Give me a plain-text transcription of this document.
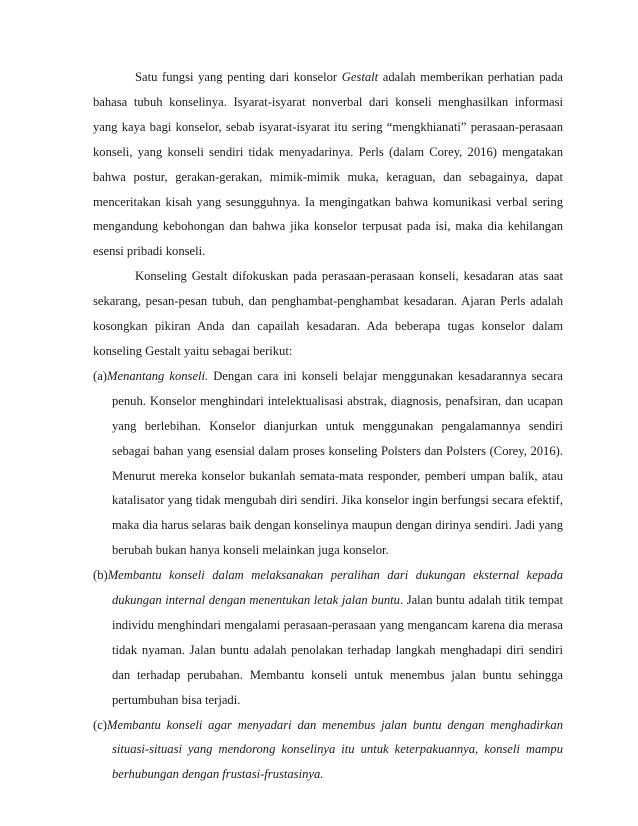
Satu fungsi yang penting dari konselor Gestalt adalah memberikan perhatian pada bahasa tubuh konselinya. Isyarat-isyarat nonverbal dari konseli menghasilkan informasi yang kaya bagi konselor, sebab isyarat-isyarat itu sering “mengkhianati” perasaan-perasaan konseli, yang konseli sendiri tidak menyadarinya. Perls (dalam Corey, 2016) mengatakan bahwa postur, gerakan-gerakan, mimik-mimik muka, keraguan, dan sebagainya, dapat menceritakan kisah yang sesungguhnya. Ia mengingatkan bahwa komunikasi verbal sering mengandung kebohongan dan bahwa jika konselor terpusat pada isi, maka dia kehilangan esensi pribadi konseli.

Konseling Gestalt difokuskan pada perasaan-perasaan konseli, kesadaran atas saat sekarang, pesan-pesan tubuh, dan penghambat-penghambat kesadaran. Ajaran Perls adalah kosongkan pikiran Anda dan capailah kesadaran. Ada beberapa tugas konselor dalam konseling Gestalt yaitu sebagai berikut:

(a)Menantang konseli. Dengan cara ini konseli belajar menggunakan kesadarannya secara penuh. Konselor menghindari intelektualisasi abstrak, diagnosis, penafsiran, dan ucapan yang berlebihan. Konselor dianjurkan untuk menggunakan pengalamannya sendiri sebagai bahan yang esensial dalam proses konseling Polsters dan Polsters (Corey, 2016). Menurut mereka konselor bukanlah semata-mata responder, pemberi umpan balik, atau katalisator yang tidak mengubah diri sendiri. Jika konselor ingin berfungsi secara efektif, maka dia harus selaras baik dengan konselinya maupun dengan dirinya sendiri. Jadi yang berubah bukan hanya konseli melainkan juga konselor.
(b)Membantu konseli dalam melaksanakan peralihan dari dukungan eksternal kepada dukungan internal dengan menentukan letak jalan buntu. Jalan buntu adalah titik tempat individu menghindari mengalami perasaan-perasaan yang mengancam karena dia merasa tidak nyaman. Jalan buntu adalah penolakan terhadap langkah menghadapi diri sendiri dan terhadap perubahan. Membantu konseli untuk menembus jalan buntu sehingga pertumbuhan bisa terjadi.
(c)Membantu konseli agar menyadari dan menembus jalan buntu dengan menghadirkan situasi-situasi yang mendorong konselinya itu untuk keterpakuannya, konseli mampu berhubungan dengan frustasi-frustasinya.
